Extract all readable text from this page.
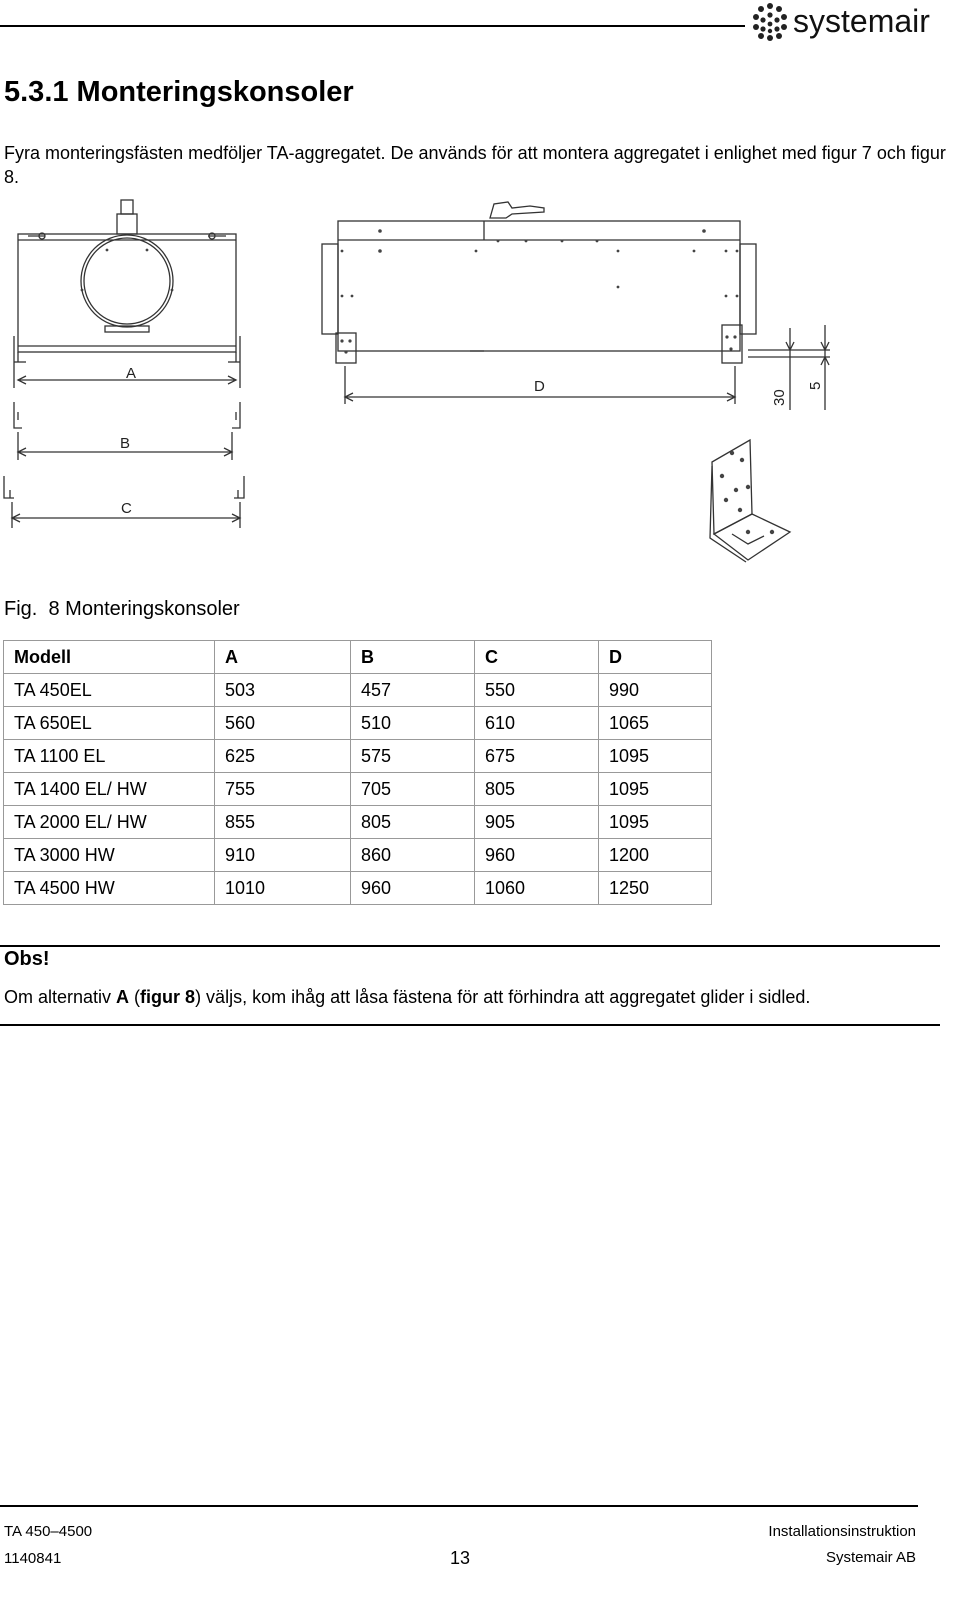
systemair
5.3.1 Monteringskonsoler
Fyra monteringsfästen medföljer TA-aggregatet. De används för att montera aggregatet i enlighet med figur 7 och figur 8.
A
B
C
D
30
5
Fig. 8 Monteringskonsoler
Modell	A	B	C	D
TA 450EL	503	457	550	990
TA 650EL	560	510	610	1065
TA 1100 EL	625	575	675	1095
TA 1400 EL/ HW	755	705	805	1095
TA 2000 EL/ HW	855	805	905	1095
TA 3000 HW	910	860	960	1200
TA 4500 HW	1010	960	1060	1250
Obs!
Om alternativ A (figur 8) väljs, kom ihåg att låsa fästena för att förhindra att aggregatet glider i sidled.
TA 450–4500
1140841	13
Installationsinstruktion
Systemair AB
